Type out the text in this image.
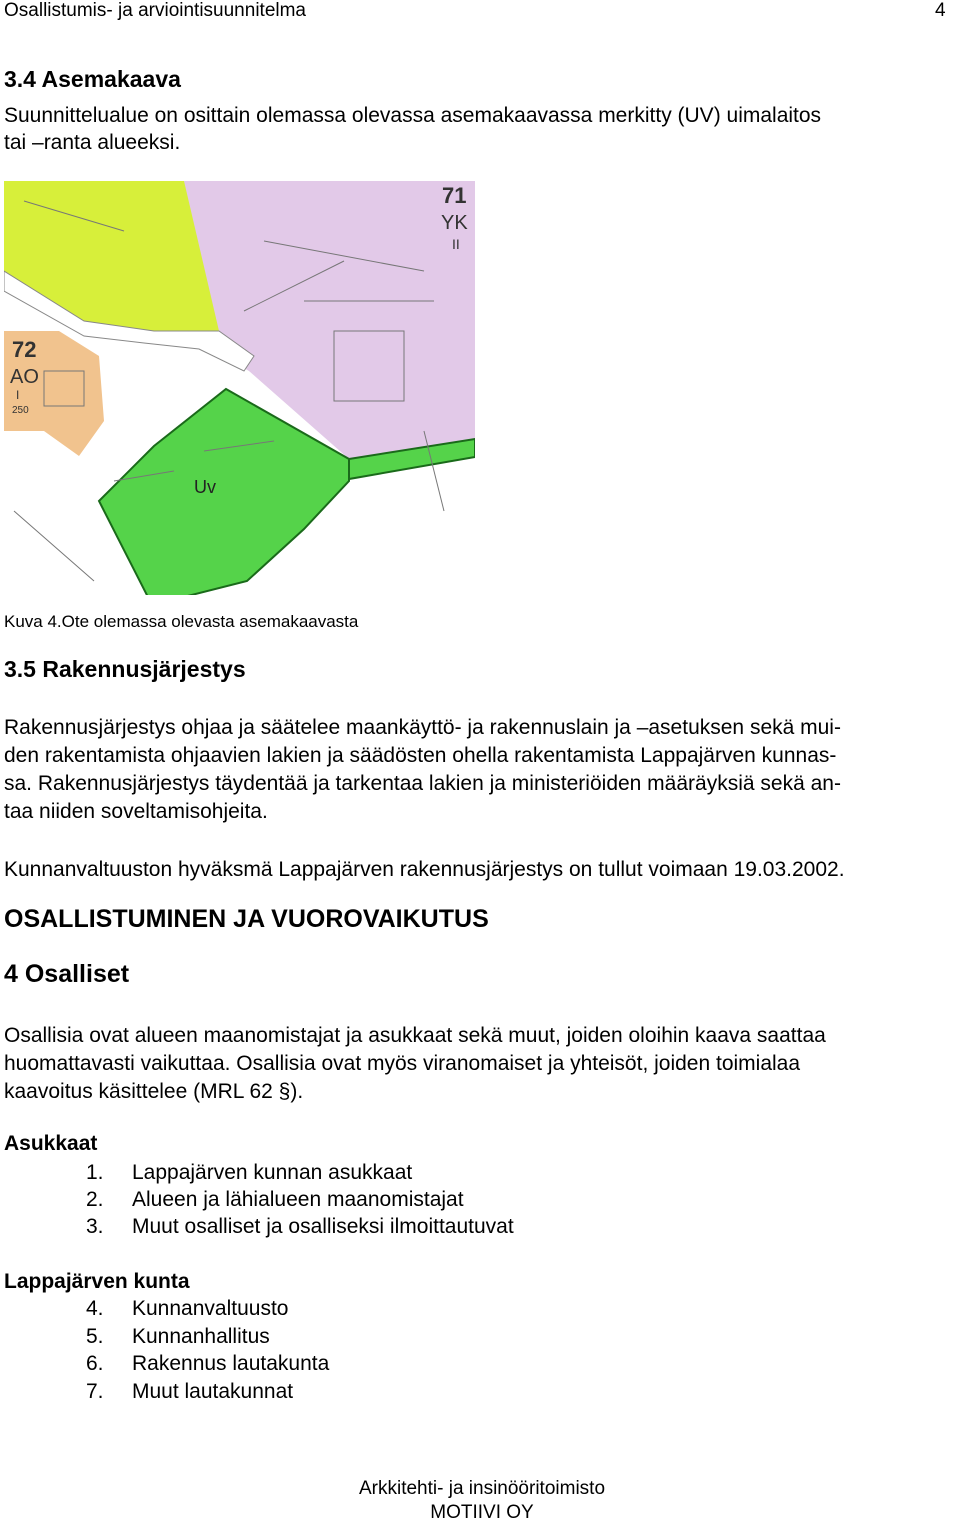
Osallistumis- ja arviointisuunnitelma	4
3.4 Asemakaava
Suunnittelualue on osittain olemassa olevassa asemakaavassa merkitty (UV) uimalaitos
tai –ranta alueeksi.
71
YK
II
72
AO
I
250
Uv
Kuva 4.Ote olemassa olevasta asemakaavasta
3.5 Rakennusjärjestys
Rakennusjärjestys ohjaa ja säätelee maankäyttö- ja rakennuslain ja –asetuksen sekä mui-
den rakentamista ohjaavien lakien ja säädösten ohella rakentamista Lappajärven kunnas-
sa. Rakennusjärjestys täydentää ja tarkentaa lakien ja ministeriöiden määräyksiä sekä an-
taa niiden soveltamisohjeita.
Kunnanvaltuuston hyväksmä Lappajärven rakennusjärjestys on tullut voimaan 19.03.2002.
OSALLISTUMINEN JA VUOROVAIKUTUS
4 Osalliset
Osallisia ovat alueen maanomistajat ja asukkaat sekä muut, joiden oloihin kaava saattaa
huomattavasti vaikuttaa. Osallisia ovat myös viranomaiset ja yhteisöt, joiden toimialaa
kaavoitus käsittelee (MRL 62 §).
Asukkaat
1. Lappajärven kunnan asukkaat
2. Alueen ja lähialueen maanomistajat
3. Muut osalliset ja osalliseksi ilmoittautuvat
Lappajärven kunta
4. Kunnanvaltuusto
5. Kunnanhallitus
6. Rakennus lautakunta
7. Muut lautakunnat
Arkkitehti- ja insinööritoimisto
MOTIIVI OY
